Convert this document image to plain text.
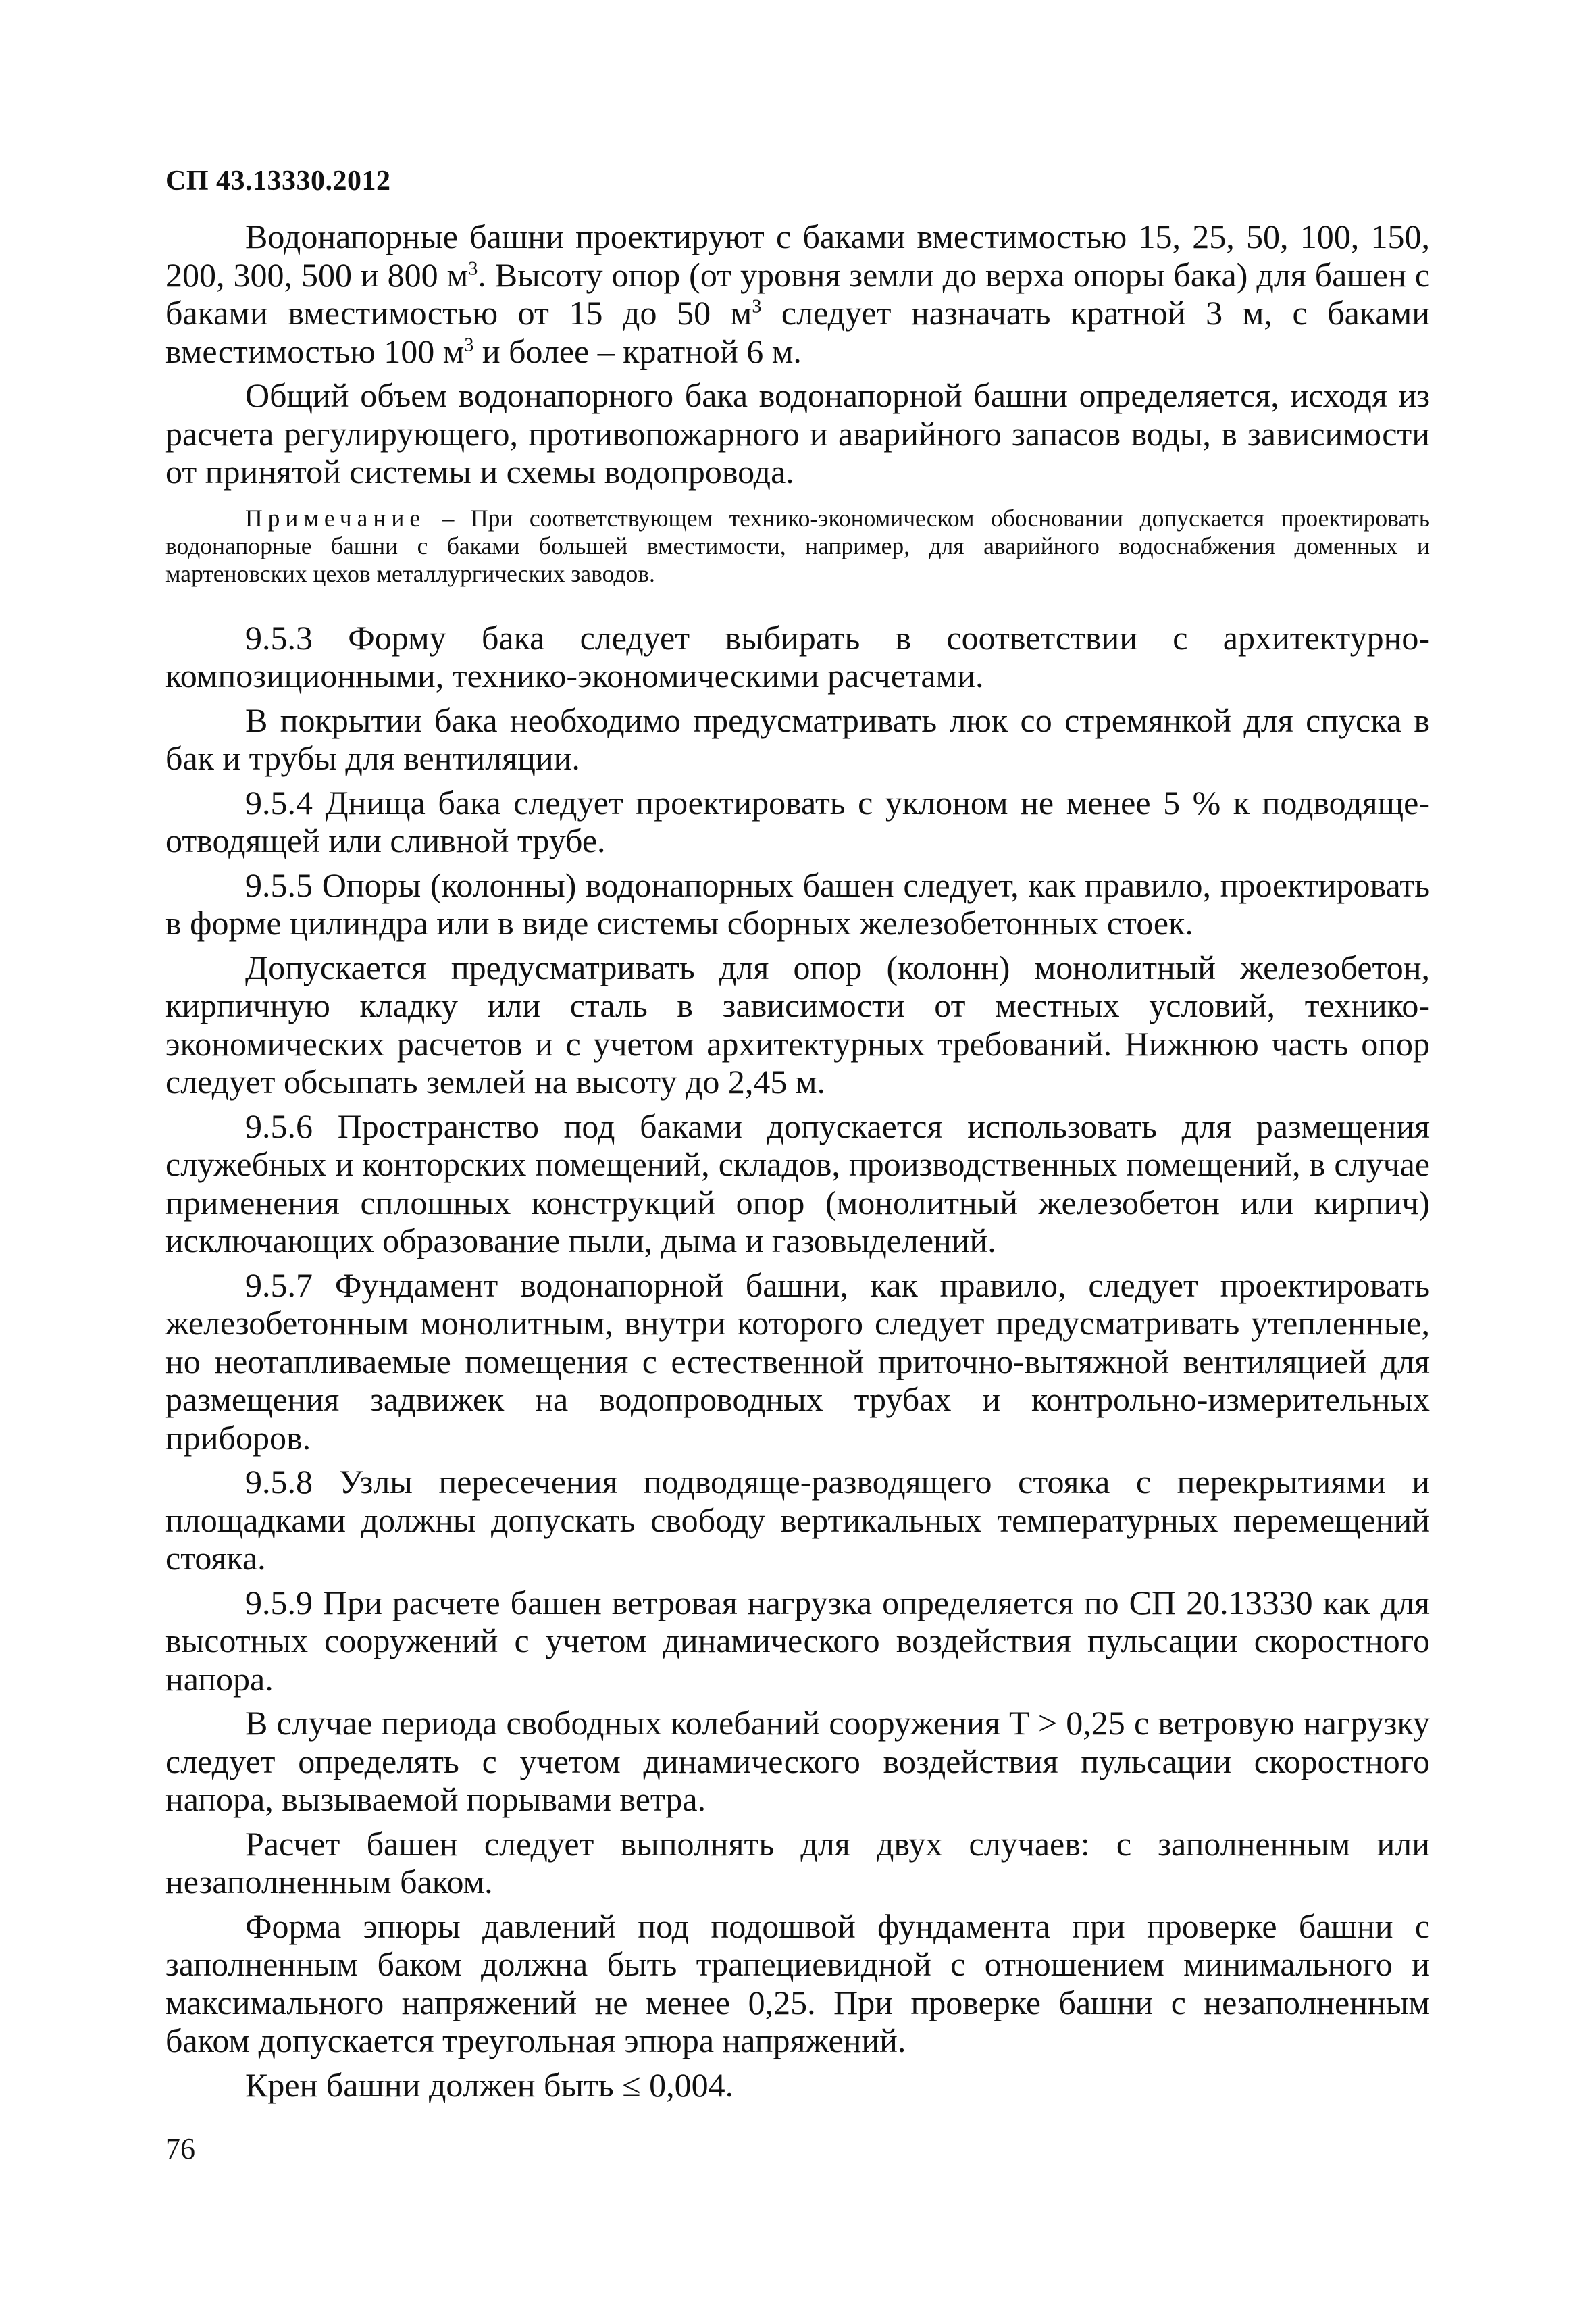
СП 43.13330.2012

Водонапорные башни проектируют с баками вместимостью 15, 25, 50, 100, 150, 200, 300, 500 и 800 $м^3$. Высоту опор (от уровня земли до верха опоры бака) для башен с баками вместимостью от 15 до 50 $м^3$ следует назначать кратной 3 м, с баками вместимостью 100 $м^3$ и более – кратной 6 м.

Общий объем водонапорного бака водонапорной башни определяется, исходя из расчета регулирующего, противопожарного и аварийного запасов воды, в зависимости от принятой системы и схемы водопровода.

Примечание – При соответствующем технико-экономическом обосновании допускается проектировать водонапорные башни с баками большей вместимости, например, для аварийного водоснабжения доменных и мартеновских цехов металлургических заводов.

9.5.3 Форму бака следует выбирать в соответствии с архитектурно-композиционными, технико-экономическими расчетами.

В покрытии бака необходимо предусматривать люк со стремянкой для спуска в бак и трубы для вентиляции.

9.5.4 Днища бака следует проектировать с уклоном не менее 5 % к подводяще-отводящей или сливной трубе.

9.5.5 Опоры (колонны) водонапорных башен следует, как правило, проектировать в форме цилиндра или в виде системы сборных железобетонных стоек.

Допускается предусматривать для опор (колонн) монолитный железобетон, кирпичную кладку или сталь в зависимости от местных условий, технико-экономических расчетов и с учетом архитектурных требований. Нижнюю часть опор следует обсыпать землей на высоту до 2,45 м.

9.5.6 Пространство под баками допускается использовать для размещения служебных и конторских помещений, складов, производственных помещений, в случае применения сплошных конструкций опор (монолитный железобетон или кирпич) исключающих образование пыли, дыма и газовыделений.

9.5.7 Фундамент водонапорной башни, как правило, следует проектировать железобетонным монолитным, внутри которого следует предусматривать утепленные, но неотапливаемые помещения с естественной приточно-вытяжной вентиляцией для размещения задвижек на водопроводных трубах и контрольно-измерительных приборов.

9.5.8 Узлы пересечения подводяще-разводящего стояка с перекрытиями и площадками должны допускать свободу вертикальных температурных перемещений стояка.

9.5.9 При расчете башен ветровая нагрузка определяется по СП 20.13330 как для высотных сооружений с учетом динамического воздействия пульсации скоростного напора.

В случае периода свободных колебаний сооружения T > 0,25 с ветровую нагрузку следует определять с учетом динамического воздействия пульсации скоростного напора, вызываемой порывами ветра.

Расчет башен следует выполнять для двух случаев: с заполненным или незаполненным баком.

Форма эпюры давлений под подошвой фундамента при проверке башни с заполненным баком должна быть трапециевидной с отношением минимального и максимального напряжений не менее 0,25. При проверке башни с незаполненным баком допускается треугольная эпюра напряжений.

Крен башни должен быть ≤ 0,004.

76
